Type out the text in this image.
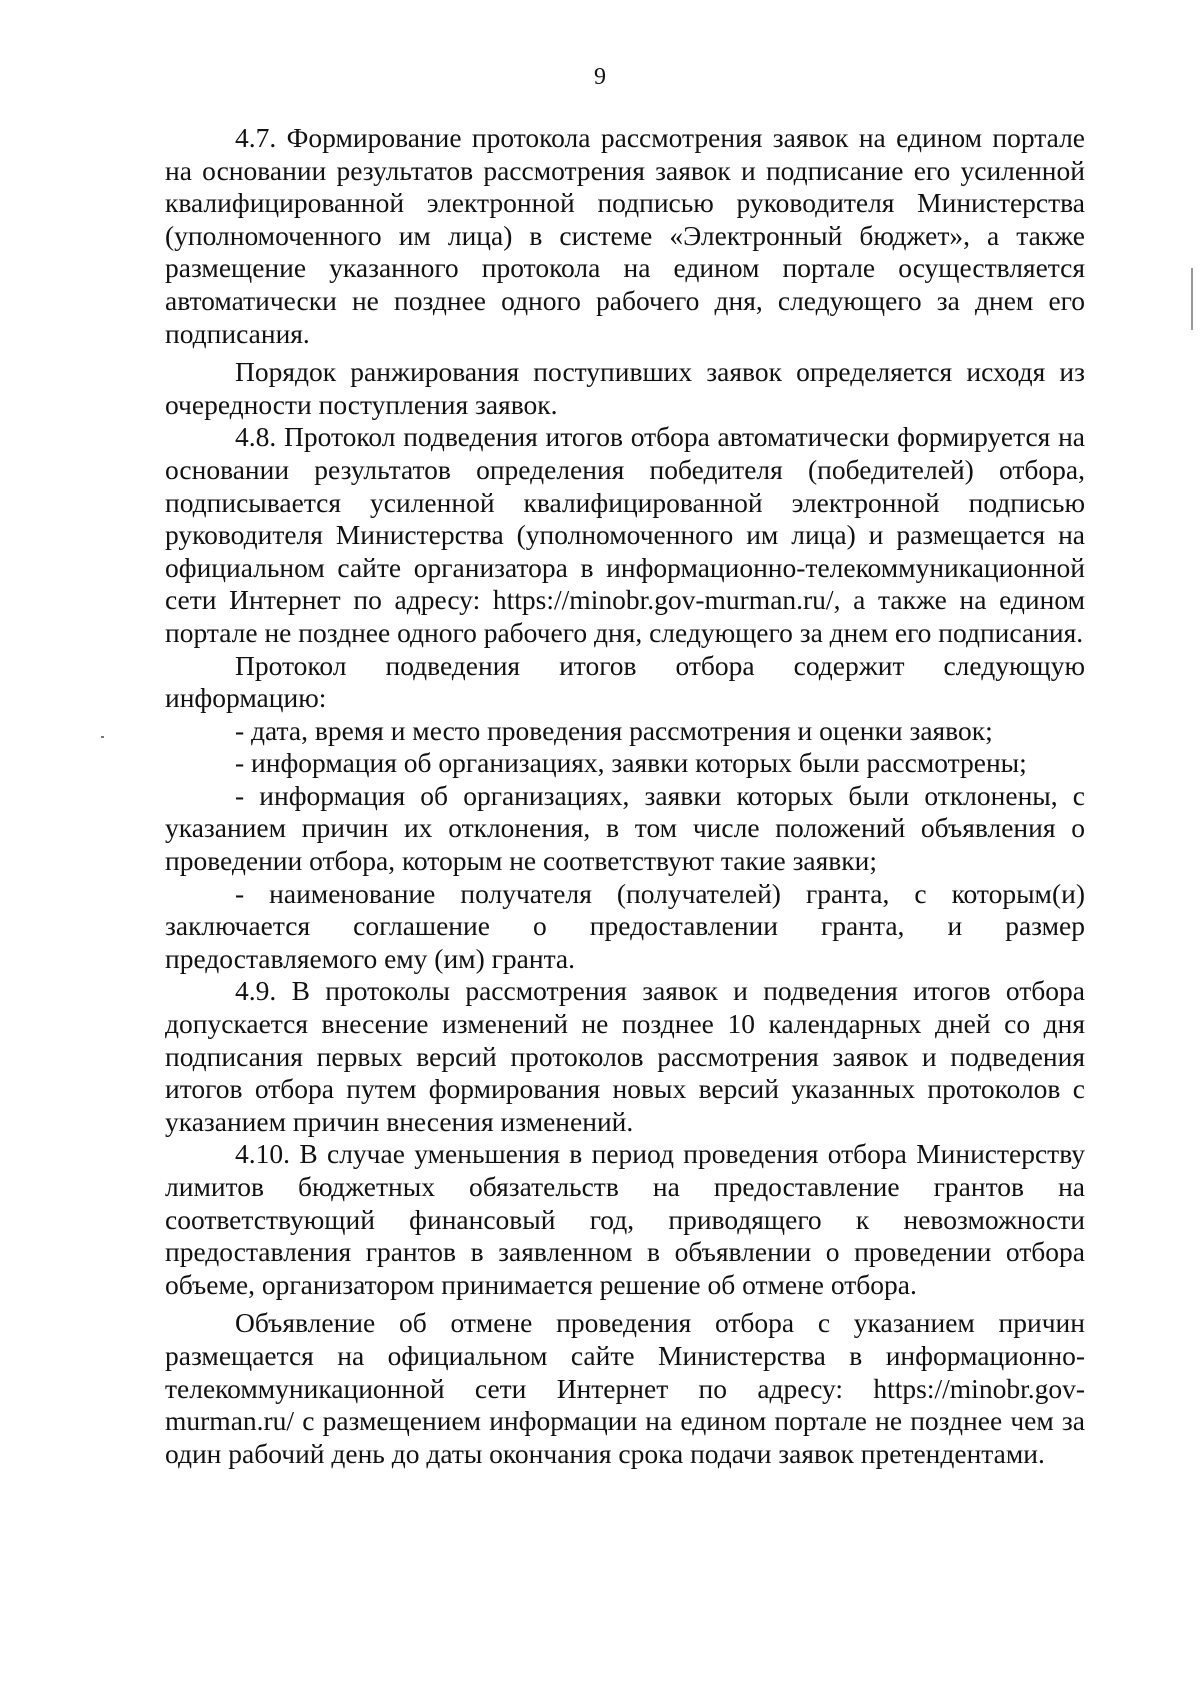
9

4.7. Формирование протокола рассмотрения заявок на едином портале на основании результатов рассмотрения заявок и подписание его усиленной квалифицированной электронной подписью руководителя Министерства (уполномоченного им лица) в системе «Электронный бюджет», а также размещение указанного протокола на едином портале осуществляется автоматически не позднее одного рабочего дня, следующего за днем его подписания.

Порядок ранжирования поступивших заявок определяется исходя из очередности поступления заявок.

4.8. Протокол подведения итогов отбора автоматически формируется на основании результатов определения победителя (победителей) отбора, подписывается усиленной квалифицированной электронной подписью руководителя Министерства (уполномоченного им лица) и размещается на официальном сайте организатора в информационно-телекоммуникационной сети Интернет по адресу: https://minobr.gov-murman.ru/, а также на едином портале не позднее одного рабочего дня, следующего за днем его подписания.

Протокол подведения итогов отбора содержит следующую информацию:

- дата, время и место проведения рассмотрения и оценки заявок;

- информация об организациях, заявки которых были рассмотрены;

- информация об организациях, заявки которых были отклонены, с указанием причин их отклонения, в том числе положений объявления о проведении отбора, которым не соответствуют такие заявки;

- наименование получателя (получателей) гранта, с которым(и) заключается соглашение о предоставлении гранта, и размер предоставляемого ему (им) гранта.

4.9. В протоколы рассмотрения заявок и подведения итогов отбора допускается внесение изменений не позднее 10 календарных дней со дня подписания первых версий протоколов рассмотрения заявок и подведения итогов отбора путем формирования новых версий указанных протоколов с указанием причин внесения изменений.

4.10. В случае уменьшения в период проведения отбора Министерству лимитов бюджетных обязательств на предоставление грантов на соответствующий финансовый год, приводящего к невозможности предоставления грантов в заявленном в объявлении о проведении отбора объеме, организатором принимается решение об отмене отбора.

Объявление об отмене проведения отбора с указанием причин размещается на официальном сайте Министерства в информационно-телекоммуникационной сети Интернет по адресу: https://minobr.gov-murman.ru/ с размещением информации на едином портале не позднее чем за один рабочий день до даты окончания срока подачи заявок претендентами.
